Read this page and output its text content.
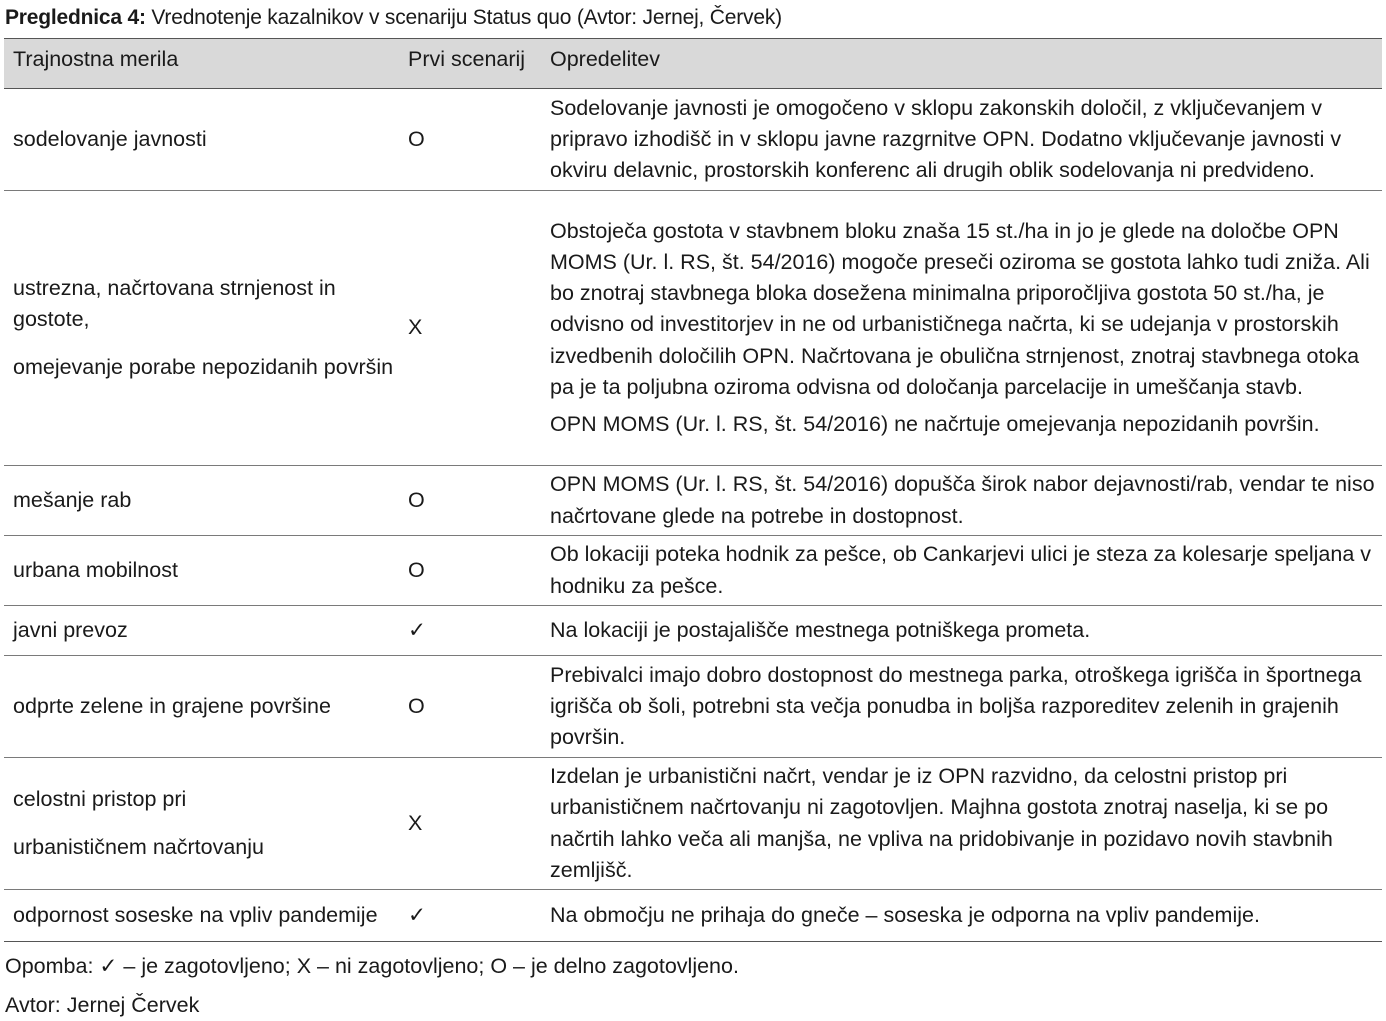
Preglednica 4: Vrednotenje kazalnikov v scenariju Status quo (Avtor: Jernej, Červek)
Trajnostna merila	Prvi scenarij	Opredelitev

sodelovanje javnosti	O	Sodelovanje javnosti je omogočeno v sklopu zakonskih določil, z vključevanjem v pripravo izhodišč in v sklopu javne razgrnitve OPN. Dodatno vključevanje javnosti v okviru delavnic, prostorskih konferenc ali drugih oblik sodelovanja ni predvideno.

ustrezna, načrtovana strnjenost in gostote,
omejevanje porabe nepozidanih površin	X	Obstoječa gostota v stavbnem bloku znaša 15 st./ha in jo je glede na določbe OPN MOMS (Ur. l. RS, št. 54/2016) mogoče preseči oziroma se gostota lahko tudi zniža. Ali bo znotraj stavbnega bloka dosežena minimalna priporočljiva gostota 50 st./ha, je odvisno od investitorjev in ne od urbanističnega načrta, ki se udejanja v prostorskih izvedbenih določilih OPN. Načrtovana je obulična strnjenost, znotraj stavbnega otoka pa je ta poljubna oziroma odvisna od določanja parcelacije in umeščanja stavb.
OPN MOMS (Ur. l. RS, št. 54/2016) ne načrtuje omejevanja nepozidanih površin.

mešanje rab	O	OPN MOMS (Ur. l. RS, št. 54/2016) dopušča širok nabor dejavnosti/rab, vendar te niso načrtovane glede na potrebe in dostopnost.

urbana mobilnost	O	Ob lokaciji poteka hodnik za pešce, ob Cankarjevi ulici je steza za kolesarje speljana v hodniku za pešce.

javni prevoz	✓	Na lokaciji je postajališče mestnega potniškega prometa.

odprte zelene in grajene površine	O	Prebivalci imajo dobro dostopnost do mestnega parka, otroškega igrišča in športnega igrišča ob šoli, potrebni sta večja ponudba in boljša razporeditev zelenih in grajenih površin.

celostni pristop pri
urbanističnem načrtovanju	X	Izdelan je urbanistični načrt, vendar je iz OPN razvidno, da celostni pristop pri urbanističnem načrtovanju ni zagotovljen. Majhna gostota znotraj naselja, ki se po načrtih lahko veča ali manjša, ne vpliva na pridobivanje in pozidavo novih stavbnih zemljišč.

odpornost soseske na vpliv pandemije	✓	Na območju ne prihaja do gneče – soseska je odporna na vpliv pandemije.
Opomba: ✓ – je zagotovljeno; X – ni zagotovljeno; O – je delno zagotovljeno.
Avtor: Jernej Červek
